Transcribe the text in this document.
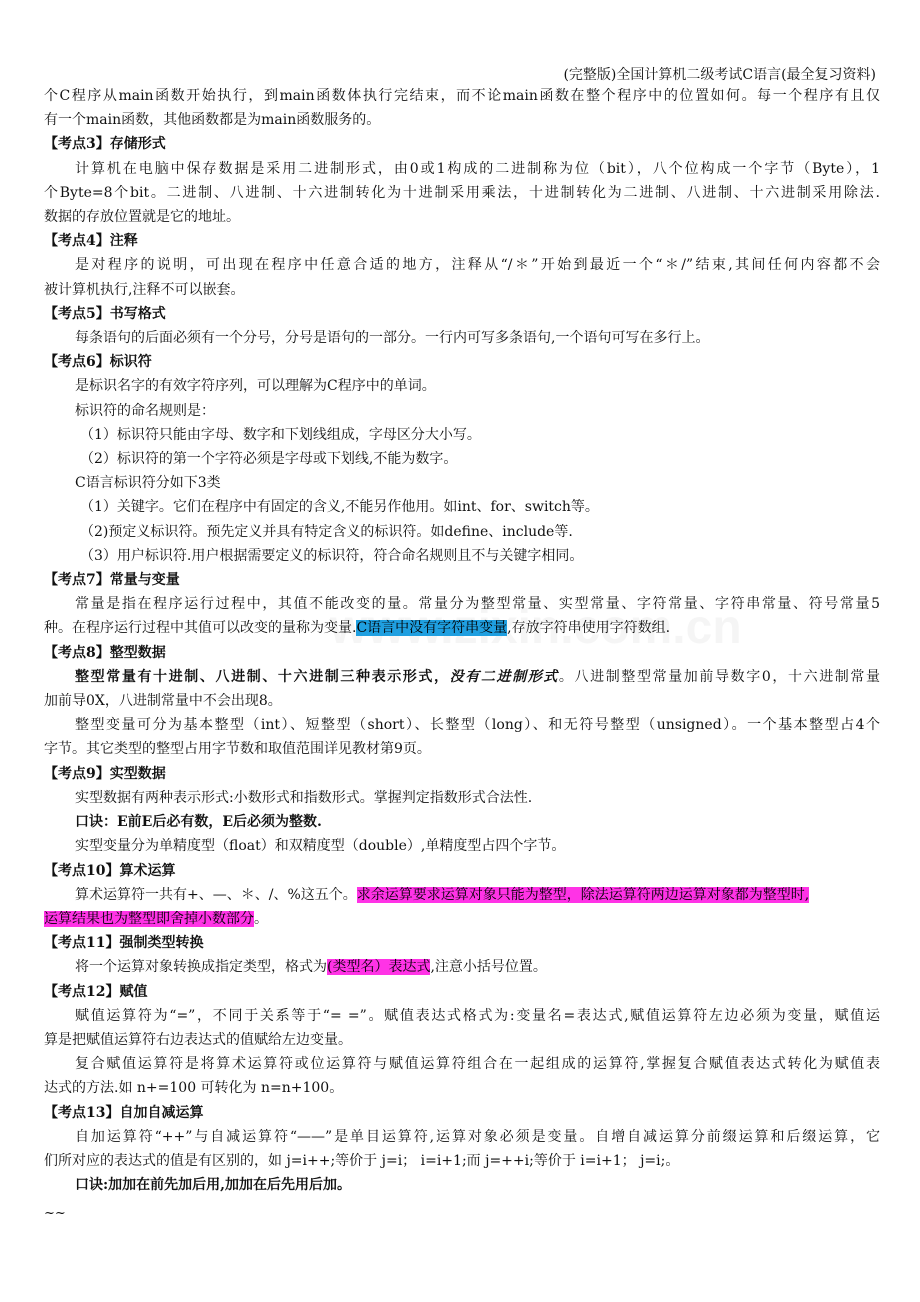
(完整版)全国计算机二级考试C语言(最全复习资料)
个C程序从main函数开始执行，到main函数体执行完结束，而不论main函数在整个程序中的位置如何。每一个程序有且仅
有一个main函数，其他函数都是为main函数服务的。
【考点3】存储形式
计算机在电脑中保存数据是采用二进制形式，由0或1构成的二进制称为位（bit），八个位构成一个字节（Byte），1
个Byte=8个bit。二进制、八进制、十六进制转化为十进制采用乘法，十进制转化为二进制、八进制、十六进制采用除法.
数据的存放位置就是它的地址。
【考点4】注释
是对程序的说明，可出现在程序中任意合适的地方，注释从“/＊”开始到最近一个“＊/”结束,其间任何内容都不会
被计算机执行,注释不可以嵌套。
【考点5】书写格式
每条语句的后面必须有一个分号，分号是语句的一部分。一行内可写多条语句,一个语句可写在多行上。
【考点6】标识符
是标识名字的有效字符序列，可以理解为C程序中的单词。
标识符的命名规则是：
（1）标识符只能由字母、数字和下划线组成，字母区分大小写。
（2）标识符的第一个字符必须是字母或下划线,不能为数字。
C语言标识符分如下3类
（1）关键字。它们在程序中有固定的含义,不能另作他用。如int、for、switch等。
（2)预定义标识符。预先定义并具有特定含义的标识符。如define、include等.
（3）用户标识符.用户根据需要定义的标识符，符合命名规则且不与关键字相同。
【考点7】常量与变量
常量是指在程序运行过程中，其值不能改变的量。常量分为整型常量、实型常量、字符常量、字符串常量、符号常量5
种。在程序运行过程中其值可以改变的量称为变量.C语言中没有字符串变量,存放字符串使用字符数组.
【考点8】整型数据
整型常量有十进制、八进制、十六进制三种表示形式，没有二进制形式。八进制整型常量加前导数字0，十六进制常量
加前导0X，八进制常量中不会出现8。
整型变量可分为基本整型（int）、短整型（short）、长整型（long）、和无符号整型（unsigned）。一个基本整型占4个
字节。其它类型的整型占用字节数和取值范围详见教材第9页。
【考点9】实型数据
实型数据有两种表示形式:小数形式和指数形式。掌握判定指数形式合法性.
口诀：E前E后必有数，E后必须为整数.
实型变量分为单精度型（float）和双精度型（double）,单精度型占四个字节。
【考点10】算术运算
算术运算符一共有+、—、＊、/、%这五个。求余运算要求运算对象只能为整型，除法运算符两边运算对象都为整型时,
运算结果也为整型即舍掉小数部分。
【考点11】强制类型转换
将一个运算对象转换成指定类型，格式为(类型名）表达式,注意小括号位置。
【考点12】赋值
赋值运算符为“=”，不同于关系等于“= =”。赋值表达式格式为:变量名=表达式,赋值运算符左边必须为变量，赋值运
算是把赋值运算符右边表达式的值赋给左边变量。
复合赋值运算符是将算术运算符或位运算符与赋值运算符组合在一起组成的运算符,掌握复合赋值表达式转化为赋值表
达式的方法.如 n+=100 可转化为 n=n+100。
【考点13】自加自减运算
自加运算符“++”与自减运算符“——”是单目运算符,运算对象必须是变量。自增自减运算分前缀运算和后缀运算，它
们所对应的表达式的值是有区别的，如 j=i++;等价于 j=i； i=i+1;而 j=++i;等价于 i=i+1； j=i;。
口诀:加加在前先加后用,加加在后先用后加。
~~
